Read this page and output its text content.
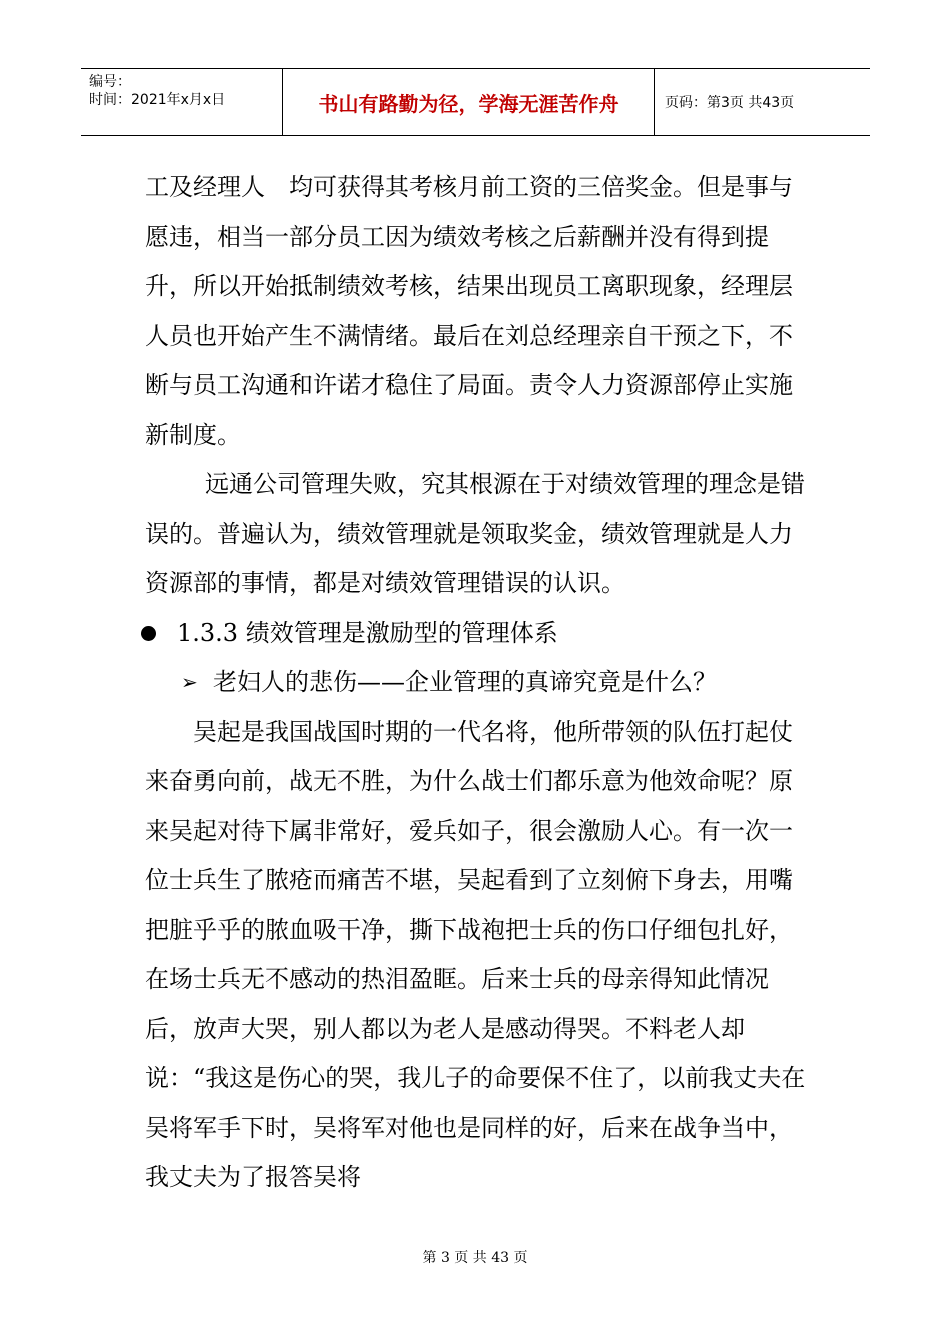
编号：
时间：2021年x月x日	书山有路勤为径，学海无涯苦作舟	页码：第3页 共43页

工及经理人　均可获得其考核月前工资的三倍奖金。但是事与愿违，相当一部分员工因为绩效考核之后薪酬并没有得到提升，所以开始抵制绩效考核，结果出现员工离职现象，经理层人员也开始产生不满情绪。最后在刘总经理亲自干预之下，不断与员工沟通和许诺才稳住了局面。责令人力资源部停止实施新制度。

远通公司管理失败，究其根源在于对绩效管理的理念是错误的。普遍认为，绩效管理就是领取奖金，绩效管理就是人力资源部的事情，都是对绩效管理错误的认识。

1.3.3 绩效管理是激励型的管理体系
➢ 老妇人的悲伤——企业管理的真谛究竟是什么？

吴起是我国战国时期的一代名将，他所带领的队伍打起仗来奋勇向前，战无不胜，为什么战士们都乐意为他效命呢？原来吴起对待下属非常好，爱兵如子，很会激励人心。有一次一位士兵生了脓疮而痛苦不堪，吴起看到了立刻俯下身去，用嘴把脏乎乎的脓血吸干净，撕下战袍把士兵的伤口仔细包扎好，在场士兵无不感动的热泪盈眶。后来士兵的母亲得知此情况后，放声大哭，别人都以为老人是感动得哭。不料老人却说：“我这是伤心的哭，我儿子的命要保不住了，以前我丈夫在吴将军手下时，吴将军对他也是同样的好，后来在战争当中，我丈夫为了报答吴将

第 3 页 共 43 页
